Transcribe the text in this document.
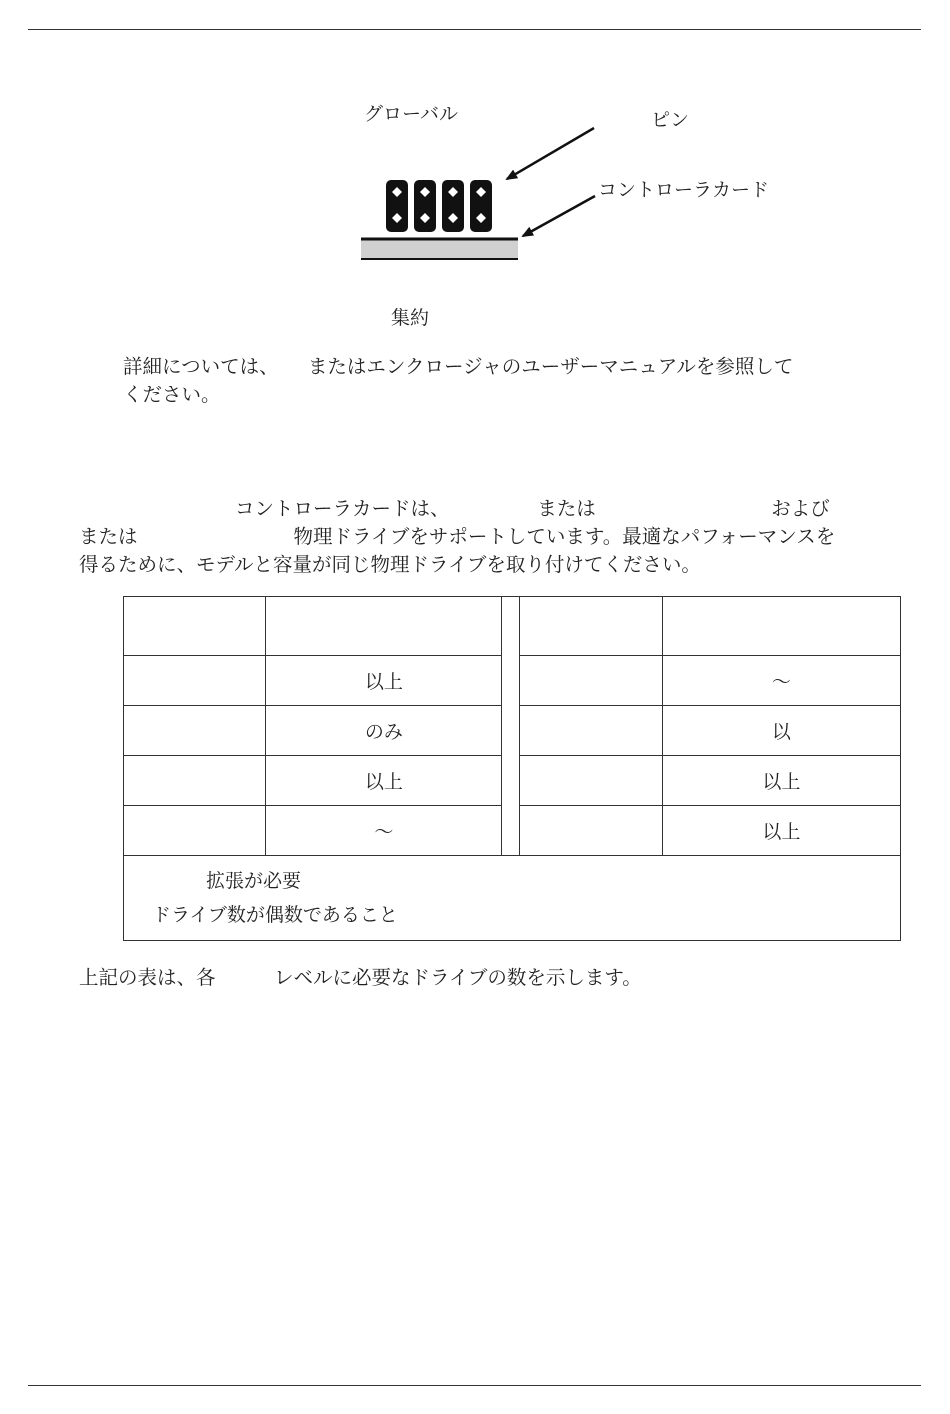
グローバル	ピン
コントローラカード
集約
詳細については、　　またはエンクロージャのユーザーマニュアルを参照して
ください。
　　　　　　　　コントローラカードは、　　　　　または　　　　　　　　　および
または　　　　　　　　物理ドライブをサポートしています。最適なパフォーマンスを
得るために、モデルと容量が同じ物理ドライブを取り付けてください。

	以上			～
	のみ			以
	以上			以上
	～			以上

拡張が必要
ドライブ数が偶数であること				
上記の表は、各　　　レベルに必要なドライブの数を示します。
